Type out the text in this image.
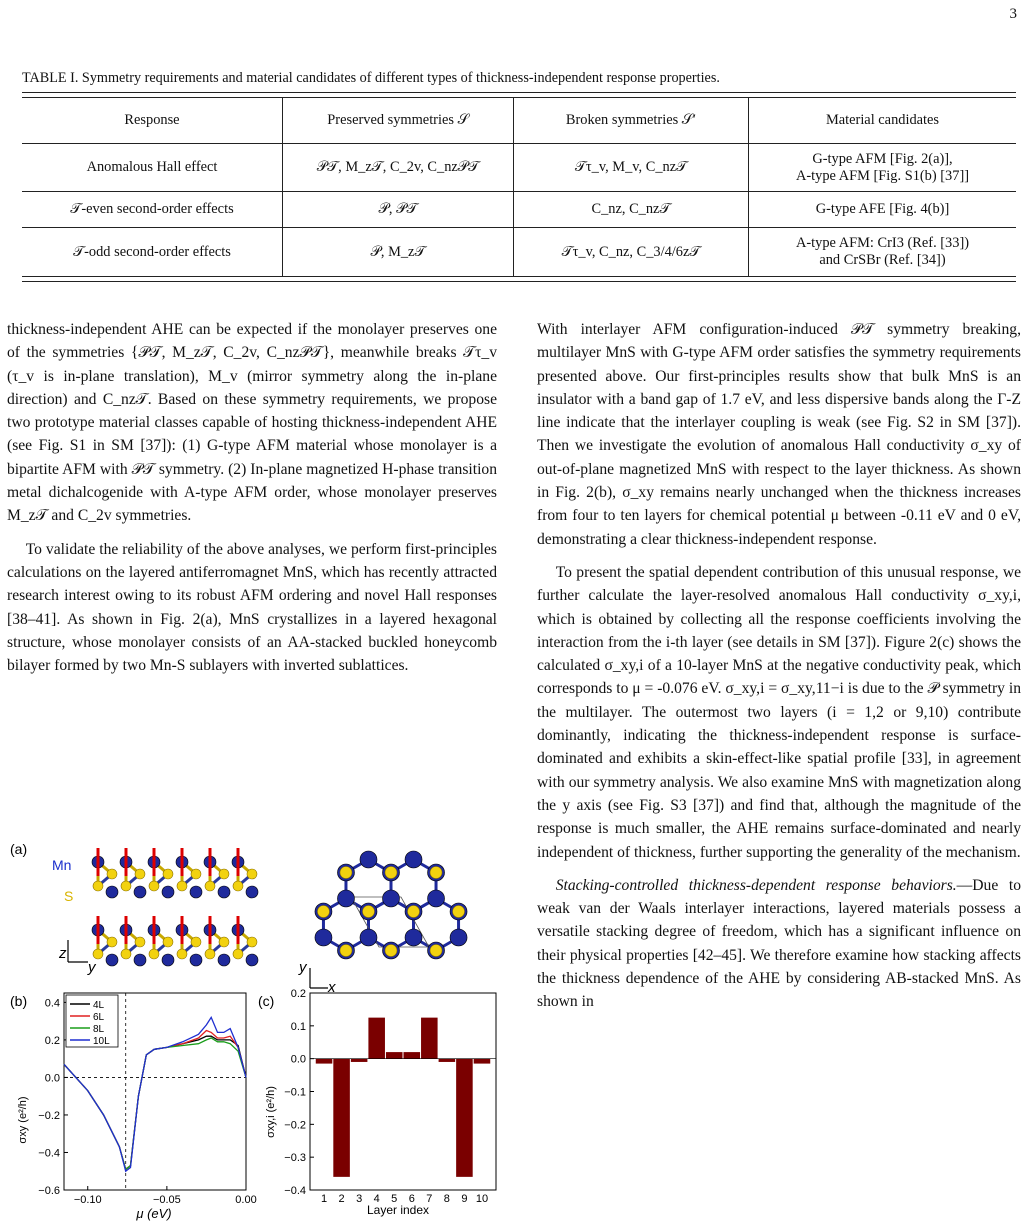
3
TABLE I. Symmetry requirements and material candidates of different types of thickness-independent response properties.
Response	Preserved symmetries 𝒮	Broken symmetries 𝒮′	Material candidates
Anomalous Hall effect	𝒫𝒯, M_z𝒯, C_2v, C_nz𝒫𝒯	𝒯τ_v, M_v, C_nz𝒯	G-type AFM [Fig. 2(a)],
A-type AFM [Fig. S1(b) [37]]
𝒯-even second-order effects	𝒫, 𝒫𝒯	C_nz, C_nz𝒯	G-type AFE [Fig. 4(b)]
𝒯-odd second-order effects	𝒫, M_z𝒯	𝒯τ_v, C_nz, C_3/4/6z𝒯	A-type AFM: CrI3 (Ref. [33])
and CrSBr (Ref. [34])

thickness-independent AHE can be expected if the monolayer preserves one of the symmetries {𝒫𝒯, M_z𝒯, C_2v, C_nz𝒫𝒯}, meanwhile breaks 𝒯τ_v (τ_v is in-plane translation), M_v (mirror symmetry along the in-plane direction) and C_nz𝒯. Based on these symmetry requirements, we propose two prototype material classes capable of hosting thickness-independent AHE (see Fig. S1 in SM [37]): (1) G-type AFM material whose monolayer is a bipartite AFM with 𝒫𝒯 symmetry. (2) In-plane magnetized H-phase transition metal dichalcogenide with A-type AFM order, whose monolayer preserves M_z𝒯 and C_2v symmetries.

To validate the reliability of the above analyses, we perform first-principles calculations on the layered antiferromagnet MnS, which has recently attracted research interest owing to its robust AFM ordering and novel Hall responses [38–41]. As shown in Fig. 2(a), MnS crystallizes in a layered hexagonal structure, whose monolayer consists of an AA-stacked buckled honeycomb bilayer formed by two Mn-S sublayers with inverted sublattices.

With interlayer AFM configuration-induced 𝒫𝒯 symmetry breaking, multilayer MnS with G-type AFM order satisfies the symmetry requirements presented above. Our first-principles results show that bulk MnS is an insulator with a band gap of 1.7 eV, and less dispersive bands along the Γ-Z line indicate that the interlayer coupling is weak (see Fig. S2 in SM [37]). Then we investigate the evolution of anomalous Hall conductivity σ_xy of out-of-plane magnetized MnS with respect to the layer thickness. As shown in Fig. 2(b), σ_xy remains nearly unchanged when the thickness increases from four to ten layers for chemical potential μ between -0.11 eV and 0 eV, demonstrating a clear thickness-independent response.

To present the spatial dependent contribution of this unusual response, we further calculate the layer-resolved anomalous Hall conductivity σ_xy,i, which is obtained by collecting all the response coefficients involving the interaction from the i-th layer (see details in SM [37]). Figure 2(c) shows the calculated σ_xy,i of a 10-layer MnS at the negative conductivity peak, which corresponds to μ = -0.076 eV. σ_xy,i = σ_xy,11−i is due to the 𝒫 symmetry in the multilayer. The outermost two layers (i = 1,2 or 9,10) contribute dominantly, indicating the thickness-independent response is surface-dominated and exhibits a skin-effect-like spatial profile [33], in agreement with our symmetry analysis. We also examine MnS with magnetization along the y axis (see Fig. S3 [37]) and find that, although the magnitude of the response is much smaller, the AHE remains surface-dominated and nearly independent of thickness, further supporting the generality of the mechanism.

Stacking-controlled thickness-dependent response behaviors.—Due to weak van der Waals interlayer interactions, layered materials possess a versatile stacking degree of freedom, which has a significant influence on their physical properties [42–45]. We therefore examine how stacking affects the thickness dependence of the AHE by considering AB-stacked MnS. As shown in

(a)
Mn
S
z
y	y
x
(b) 0.4
0.2
0.0
−0.2
−0.4
−0.6
−0.10	−0.05	0.00
4L
6L
8L
10L
μ (eV)
σxy (e²/h)
(c) 0.2
0.1
0.0
−0.1
−0.2
−0.3
−0.4
1 2 3 4 5 6 7 8 9 10
Layer index
σxy,i (e²/h)
